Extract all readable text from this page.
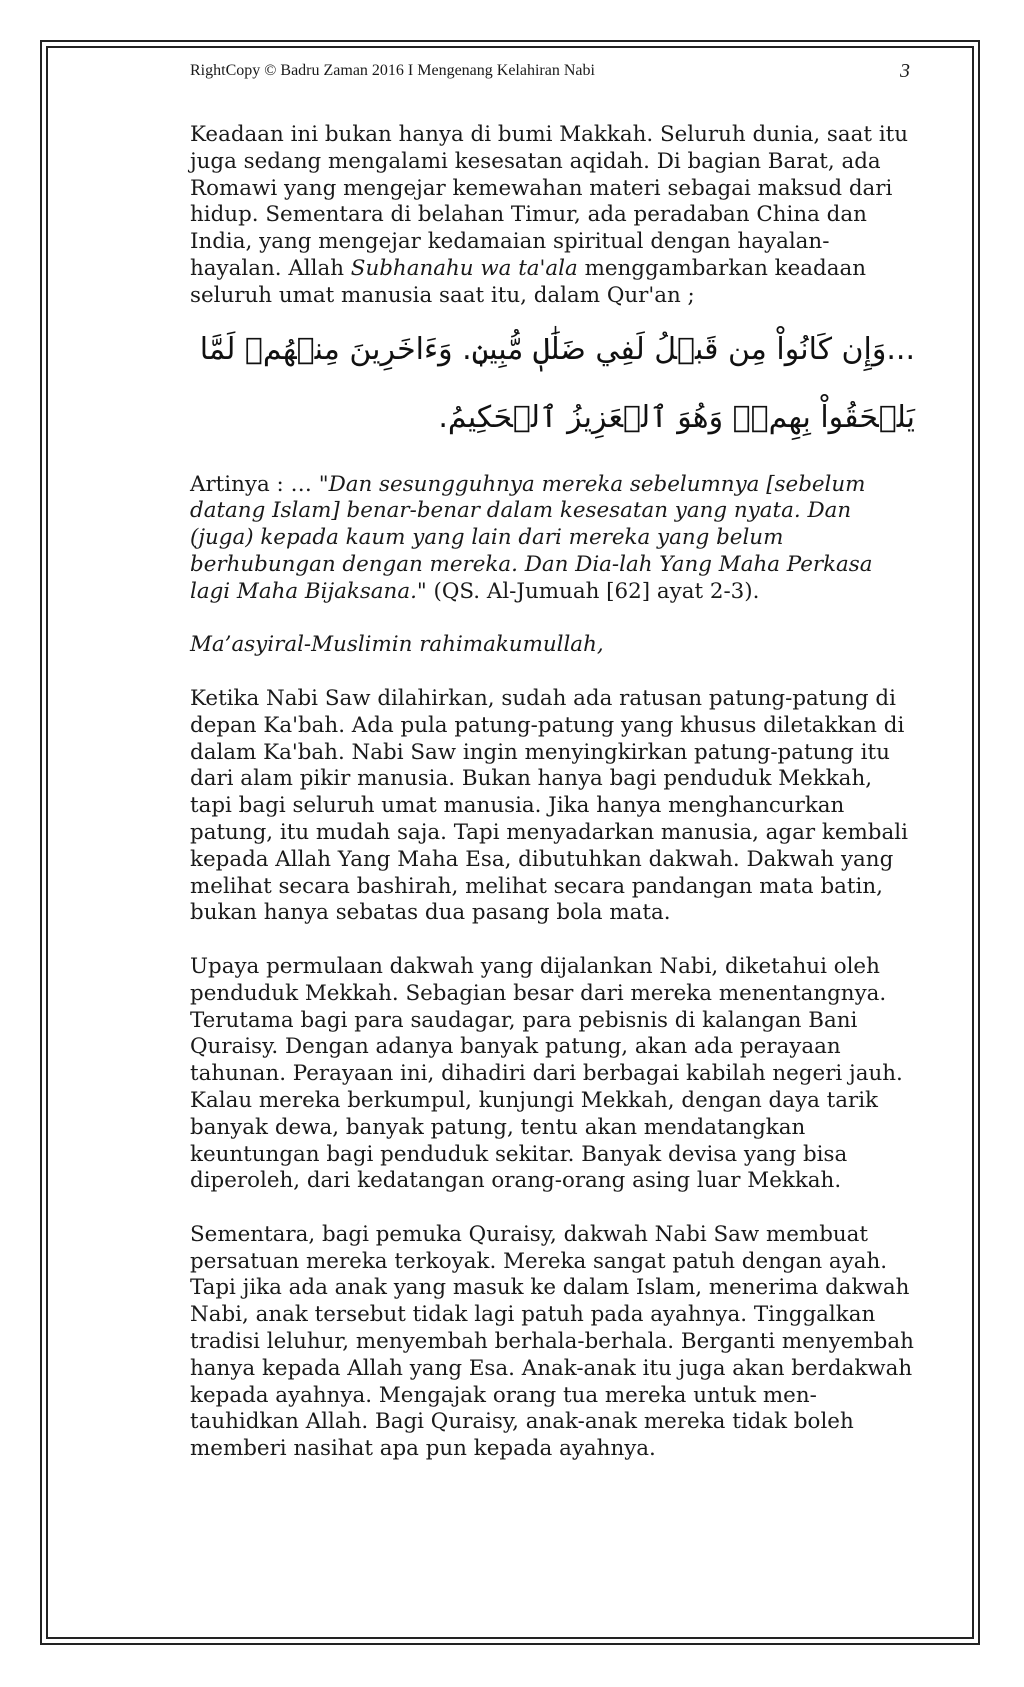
RightCopy © Badru Zaman 2016 I Mengenang Kelahiran Nabi	3

Keadaan ini bukan hanya di bumi Makkah. Seluruh dunia, saat itu juga sedang mengalami kesesatan aqidah. Di bagian Barat, ada Romawi yang mengejar kemewahan materi sebagai maksud dari hidup. Sementara di belahan Timur, ada peradaban China dan India, yang mengejar kedamaian spiritual dengan hayalan-hayalan. Allah Subhanahu wa ta'ala menggambarkan keadaan seluruh umat manusia saat itu, dalam Qur'an ;

...وَإِن كَانُواْ مِن قَبۡلُ لَفِي ضَلَٰلٖ مُّبِينٖ. وَءَاخَرِينَ مِنۡهُمۡ لَمَّا يَلۡحَقُواْ بِهِمۡۚ وَهُوَ ٱلۡعَزِيزُ ٱلۡحَكِيمُ.

Artinya : … "Dan sesungguhnya mereka sebelumnya [sebelum datang Islam] benar-benar dalam kesesatan yang nyata. Dan (juga) kepada kaum yang lain dari mereka yang belum berhubungan dengan mereka. Dan Dia-lah Yang Maha Perkasa lagi Maha Bijaksana." (QS. Al-Jumuah [62] ayat 2-3).

Ma’asyiral-Muslimin rahimakumullah,

Ketika Nabi Saw dilahirkan, sudah ada ratusan patung-patung di depan Ka'bah. Ada pula patung-patung yang khusus diletakkan di dalam Ka'bah. Nabi Saw ingin menyingkirkan patung-patung itu dari alam pikir manusia. Bukan hanya bagi penduduk Mekkah, tapi bagi seluruh umat manusia. Jika hanya menghancurkan patung, itu mudah saja. Tapi menyadarkan manusia, agar kembali kepada Allah Yang Maha Esa, dibutuhkan dakwah. Dakwah yang melihat secara bashirah, melihat secara pandangan mata batin, bukan hanya sebatas dua pasang bola mata.

Upaya permulaan dakwah yang dijalankan Nabi, diketahui oleh penduduk Mekkah. Sebagian besar dari mereka menentangnya. Terutama bagi para saudagar, para pebisnis di kalangan Bani Quraisy. Dengan adanya banyak patung, akan ada perayaan tahunan. Perayaan ini, dihadiri dari berbagai kabilah negeri jauh. Kalau mereka berkumpul, kunjungi Mekkah, dengan daya tarik banyak dewa, banyak patung, tentu akan mendatangkan keuntungan bagi penduduk sekitar. Banyak devisa yang bisa diperoleh, dari kedatangan orang-orang asing luar Mekkah.

Sementara, bagi pemuka Quraisy, dakwah Nabi Saw membuat persatuan mereka terkoyak. Mereka sangat patuh dengan ayah. Tapi jika ada anak yang masuk ke dalam Islam, menerima dakwah Nabi, anak tersebut tidak lagi patuh pada ayahnya. Tinggalkan tradisi leluhur, menyembah berhala-berhala. Berganti menyembah hanya kepada Allah yang Esa. Anak-anak itu juga akan berdakwah kepada ayahnya. Mengajak orang tua mereka untuk men-tauhidkan Allah. Bagi Quraisy, anak-anak mereka tidak boleh memberi nasihat apa pun kepada ayahnya.
